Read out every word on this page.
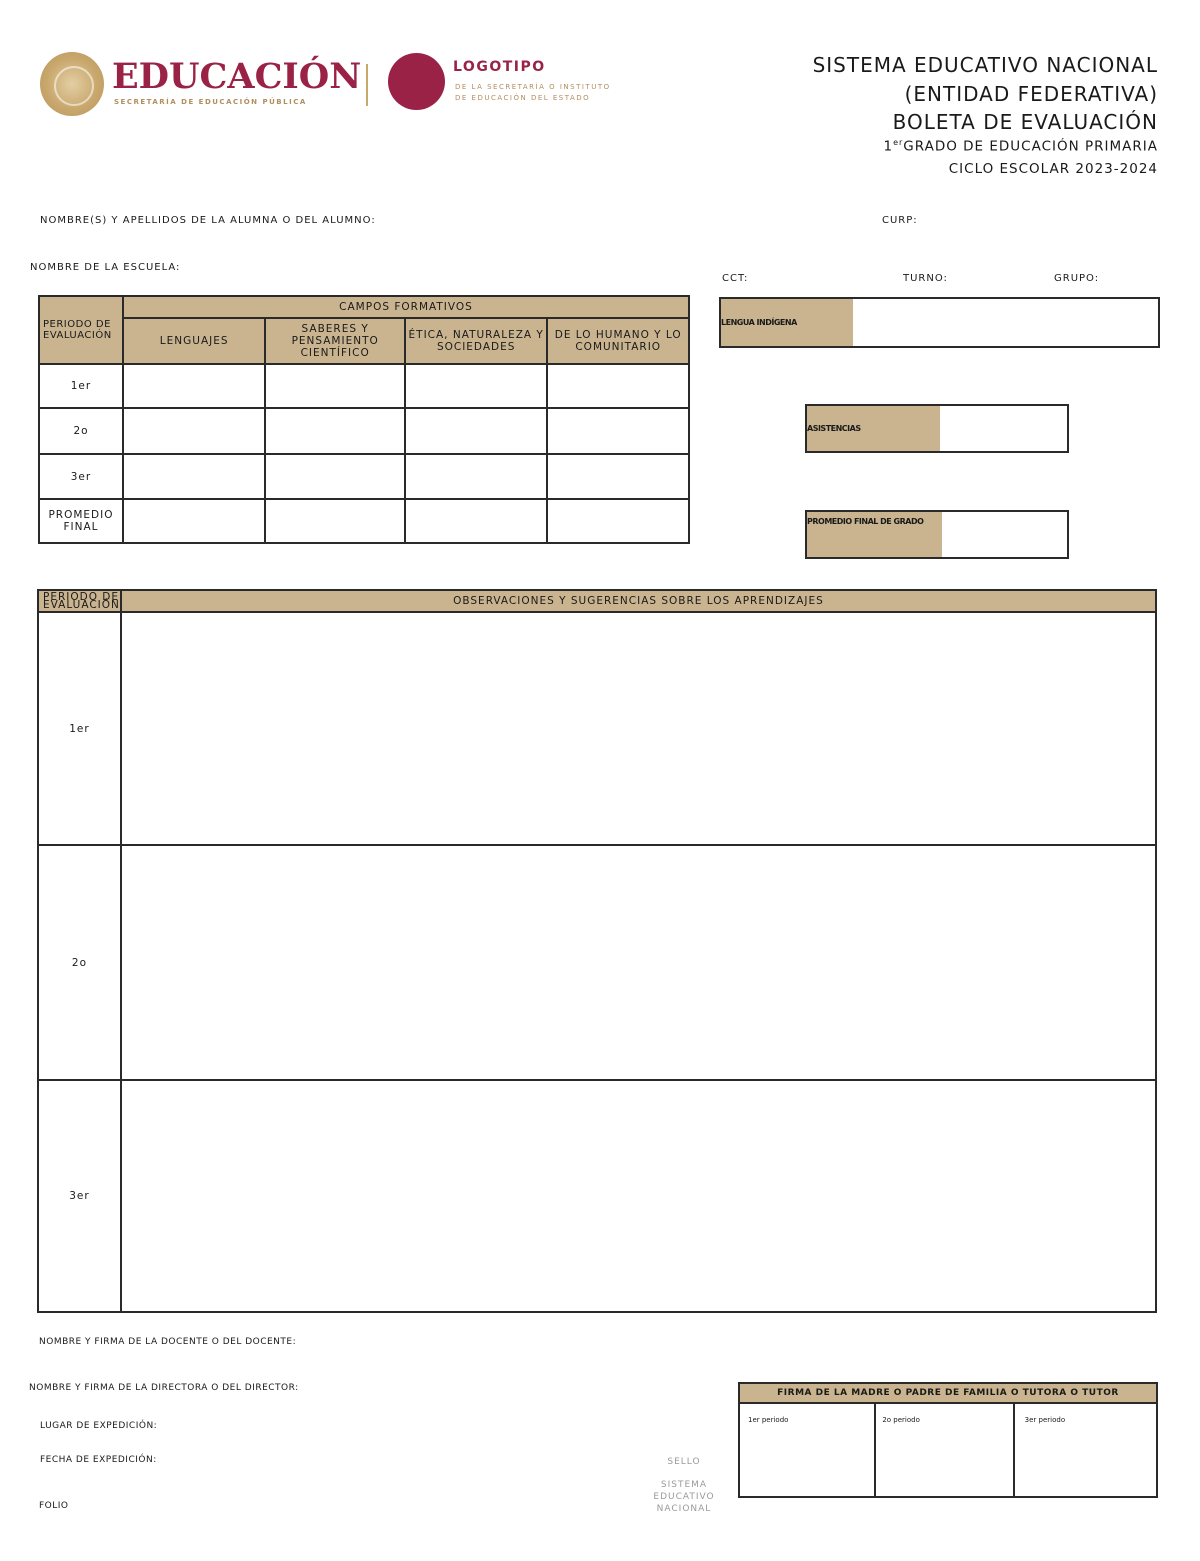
EDUCACIÓN
SECRETARÍA DE EDUCACIÓN PÚBLICA
LOGOTIPO
DE LA SECRETARÍA O INSTITUTO
DE EDUCACIÓN DEL ESTADO
SISTEMA EDUCATIVO NACIONAL
(ENTIDAD FEDERATIVA)
BOLETA DE EVALUACIÓN
1erGRADO DE EDUCACIÓN PRIMARIA
CICLO ESCOLAR 2023-2024
NOMBRE(S) Y APELLIDOS DE LA ALUMNA O DEL ALUMNO:	CURP:
NOMBRE DE LA ESCUELA:
CCT:	TURNO:	GRUPO:
PERIODO DE EVALUACIÓN	CAMPOS FORMATIVOS			
	LENGUAJES	SABERES Y PENSAMIENTO CIENTÍFICO	ÉTICA, NATURALEZA Y SOCIEDADES	DE LO HUMANO Y LO COMUNITARIO
1er				
2o				
3er				
PROMEDIO FINAL				
LENGUA INDÍGENA
ASISTENCIAS
PROMEDIO FINAL DE GRADO
PERIODO DE EVALUACIÓN	OBSERVACIONES Y SUGERENCIAS SOBRE LOS APRENDIZAJES
1er	
2o	
3er	
NOMBRE Y FIRMA DE LA DOCENTE O DEL DOCENTE:
NOMBRE Y FIRMA DE LA DIRECTORA O DEL DIRECTOR:
LUGAR DE EXPEDICIÓN:
FECHA DE EXPEDICIÓN:
FOLIO
SELLO
SISTEMA EDUCATIVO NACIONAL
FIRMA DE LA MADRE O PADRE DE FAMILIA O TUTORA O TUTOR
1er periodo	2o periodo	3er periodo
